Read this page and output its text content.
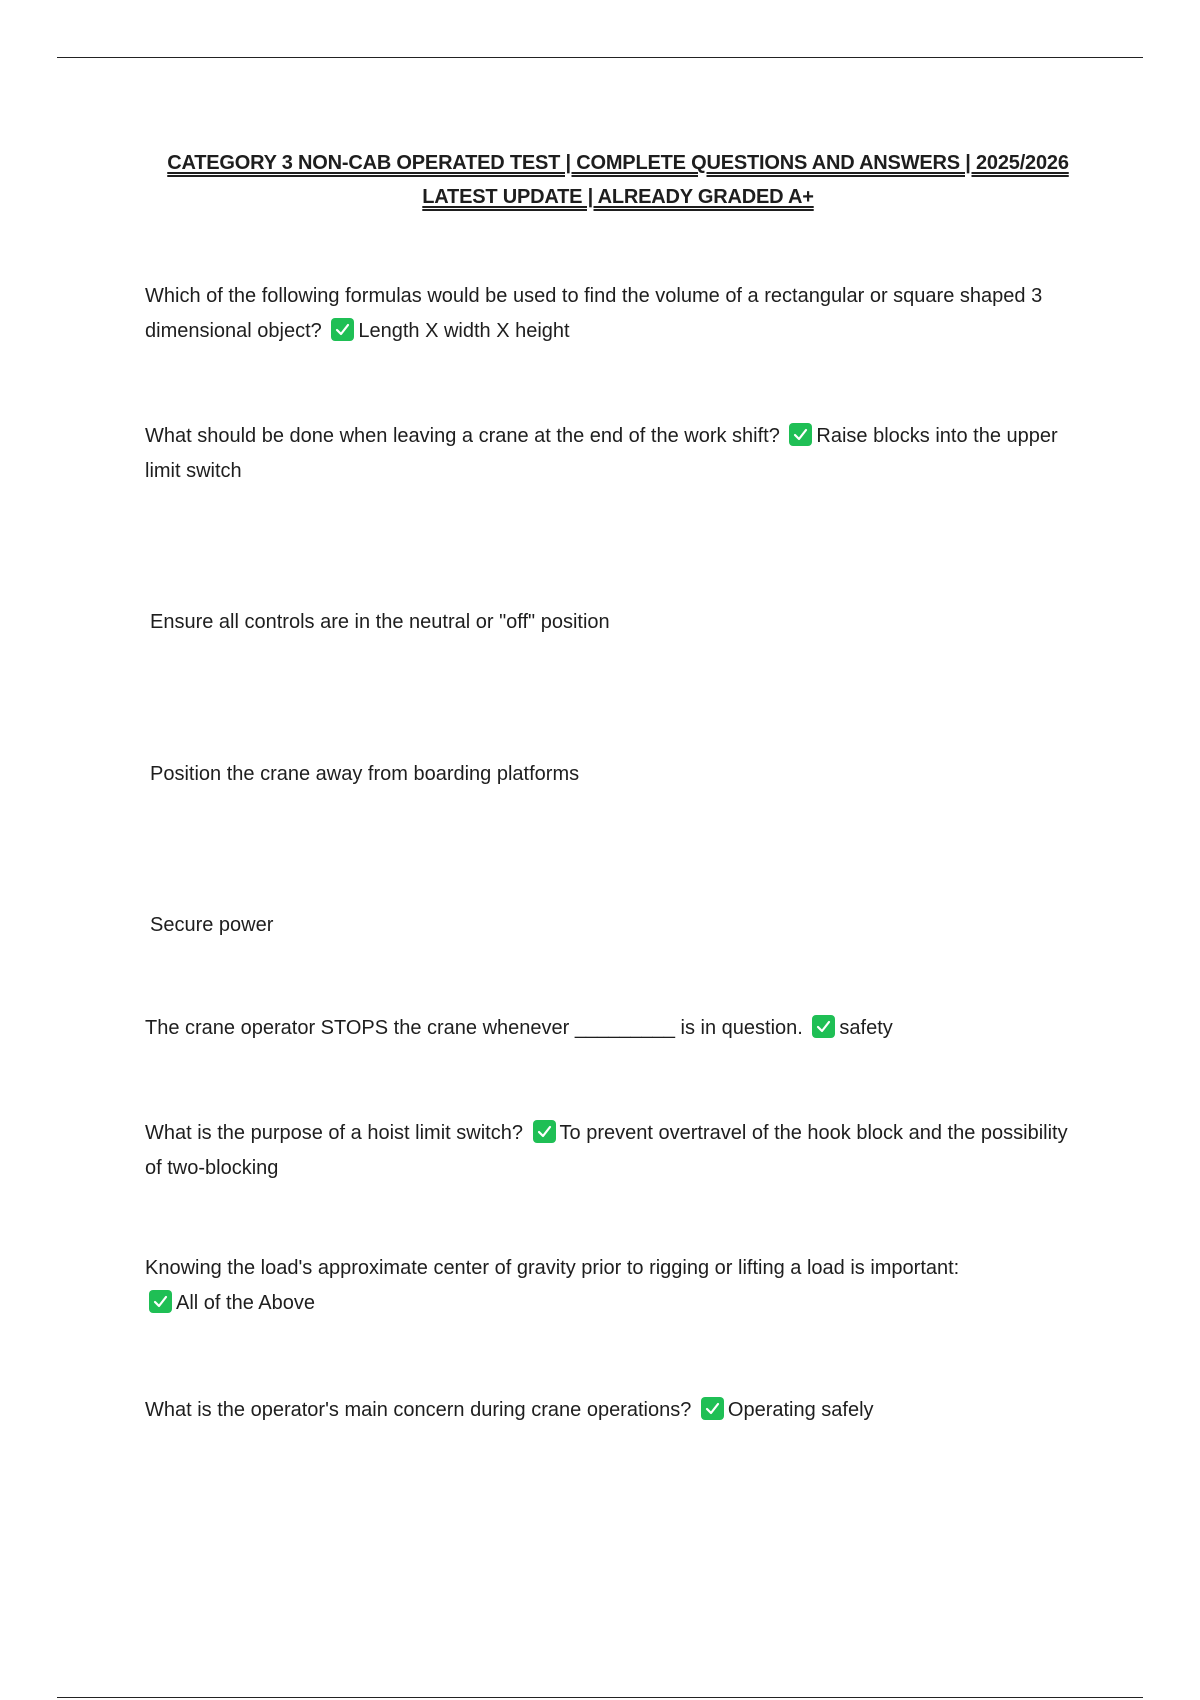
CATEGORY 3 NON-CAB OPERATED TEST | COMPLETE QUESTIONS AND ANSWERS | 2025/2026
LATEST UPDATE | ALREADY GRADED A+
Which of the following formulas would be used to find the volume of a rectangular or square shaped 3 dimensional object? Length X width X height
What should be done when leaving a crane at the end of the work shift? Raise blocks into the upper limit switch
Ensure all controls are in the neutral or "off" position
Position the crane away from boarding platforms
Secure power
The crane operator STOPS the crane whenever _________ is in question. safety
What is the purpose of a hoist limit switch? To prevent overtravel of the hook block and the possibility of two-blocking
Knowing the load's approximate center of gravity prior to rigging or lifting a load is important:

All of the Above
What is the operator's main concern during crane operations? Operating safely
